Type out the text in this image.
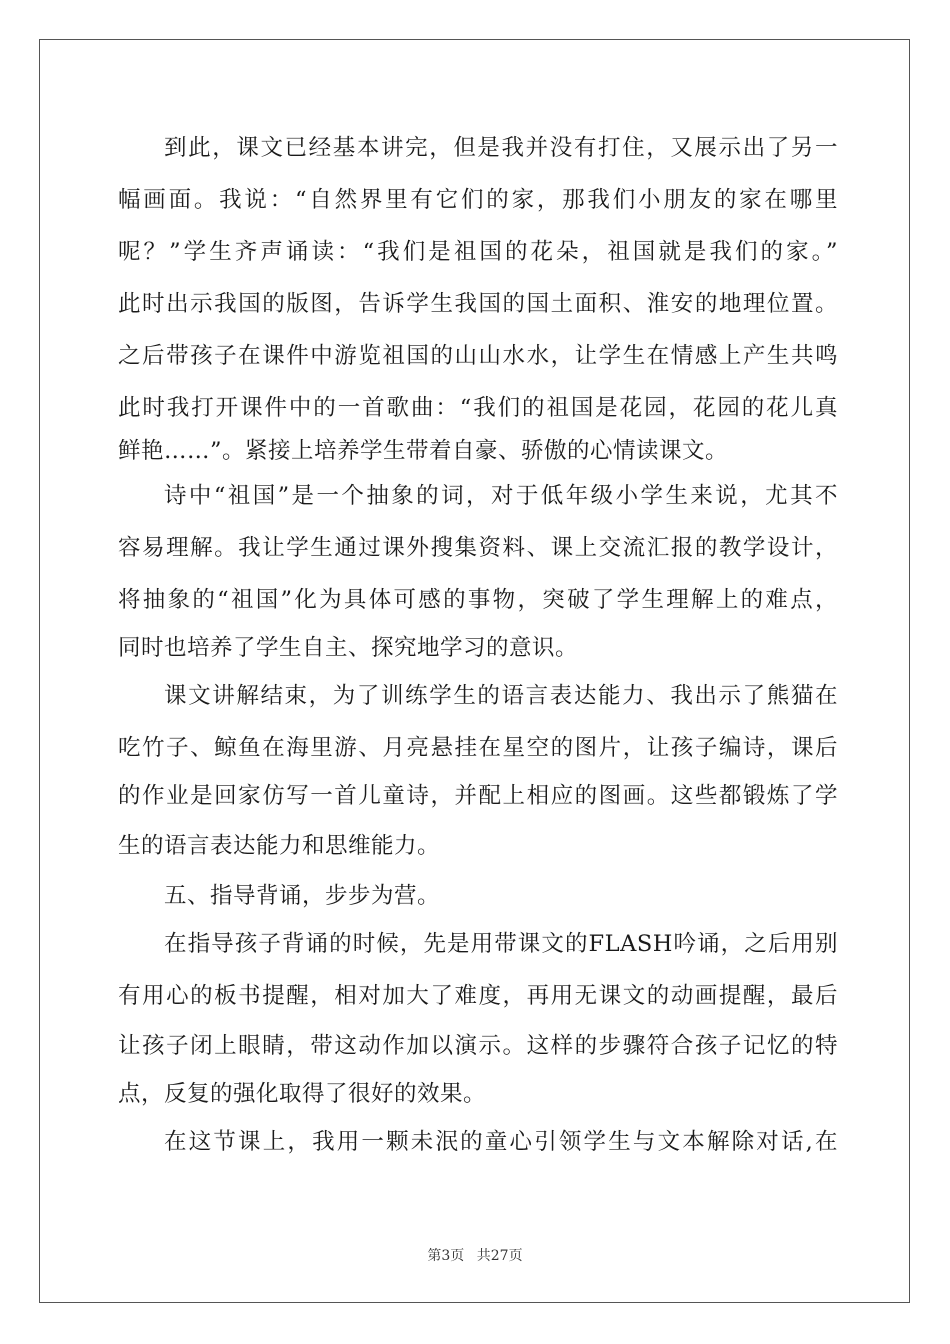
到此，课文已经基本讲完，但是我并没有打住，又展示出了另一
幅画面。我说：“自然界里有它们的家，那我们小朋友的家在哪里
呢？”学生齐声诵读：“我们是祖国的花朵，祖国就是我们的家。”
此时出示我国的版图，告诉学生我国的国土面积、淮安的地理位置。
之后带孩子在课件中游览祖国的山山水水，让学生在情感上产生共鸣
此时我打开课件中的一首歌曲：“我们的祖国是花园，花园的花儿真
鲜艳……”。紧接上培养学生带着自豪、骄傲的心情读课文。
诗中“祖国”是一个抽象的词，对于低年级小学生来说，尤其不
容易理解。我让学生通过课外搜集资料、课上交流汇报的教学设计，
将抽象的“祖国”化为具体可感的事物，突破了学生理解上的难点，
同时也培养了学生自主、探究地学习的意识。
课文讲解结束，为了训练学生的语言表达能力、我出示了熊猫在
吃竹子、鲸鱼在海里游、月亮悬挂在星空的图片，让孩子编诗，课后
的作业是回家仿写一首儿童诗，并配上相应的图画。这些都锻炼了学
生的语言表达能力和思维能力。
五、指导背诵，步步为营。
在指导孩子背诵的时候，先是用带课文的FLASH吟诵，之后用别
有用心的板书提醒，相对加大了难度，再用无课文的动画提醒，最后
让孩子闭上眼睛，带这动作加以演示。这样的步骤符合孩子记忆的特
点，反复的强化取得了很好的效果。
在这节课上，我用一颗未泯的童心引领学生与文本解除对话,在
第3页 共27页
